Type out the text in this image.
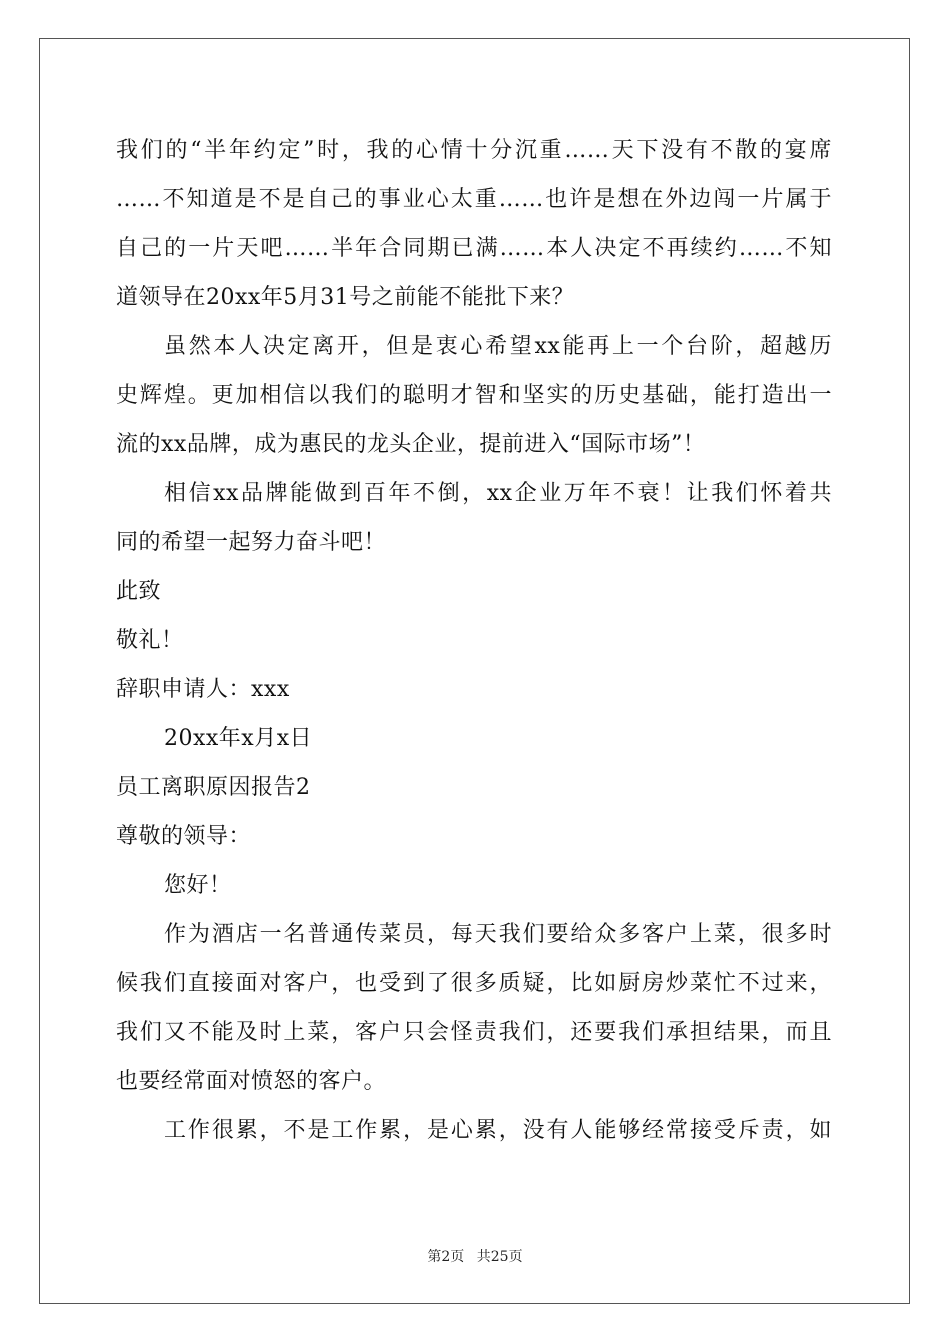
我们的“半年约定”时，我的心情十分沉重……天下没有不散的宴席
……不知道是不是自己的事业心太重……也许是想在外边闯一片属于
自己的一片天吧……半年合同期已满……本人决定不再续约……不知
道领导在20xx年5月31号之前能不能批下来？
虽然本人决定离开，但是衷心希望xx能再上一个台阶，超越历
史辉煌。更加相信以我们的聪明才智和坚实的历史基础，能打造出一
流的xx品牌，成为惠民的龙头企业，提前进入“国际市场”！
相信xx品牌能做到百年不倒，xx企业万年不衰！让我们怀着共
同的希望一起努力奋斗吧！
此致
敬礼！
辞职申请人：xxx
20xx年x月x日
员工离职原因报告2
尊敬的领导：
您好！
作为酒店一名普通传菜员，每天我们要给众多客户上菜，很多时
候我们直接面对客户，也受到了很多质疑，比如厨房炒菜忙不过来，
我们又不能及时上菜，客户只会怪责我们，还要我们承担结果，而且
也要经常面对愤怒的客户。
工作很累，不是工作累，是心累，没有人能够经常接受斥责，如
第2页 共25页
